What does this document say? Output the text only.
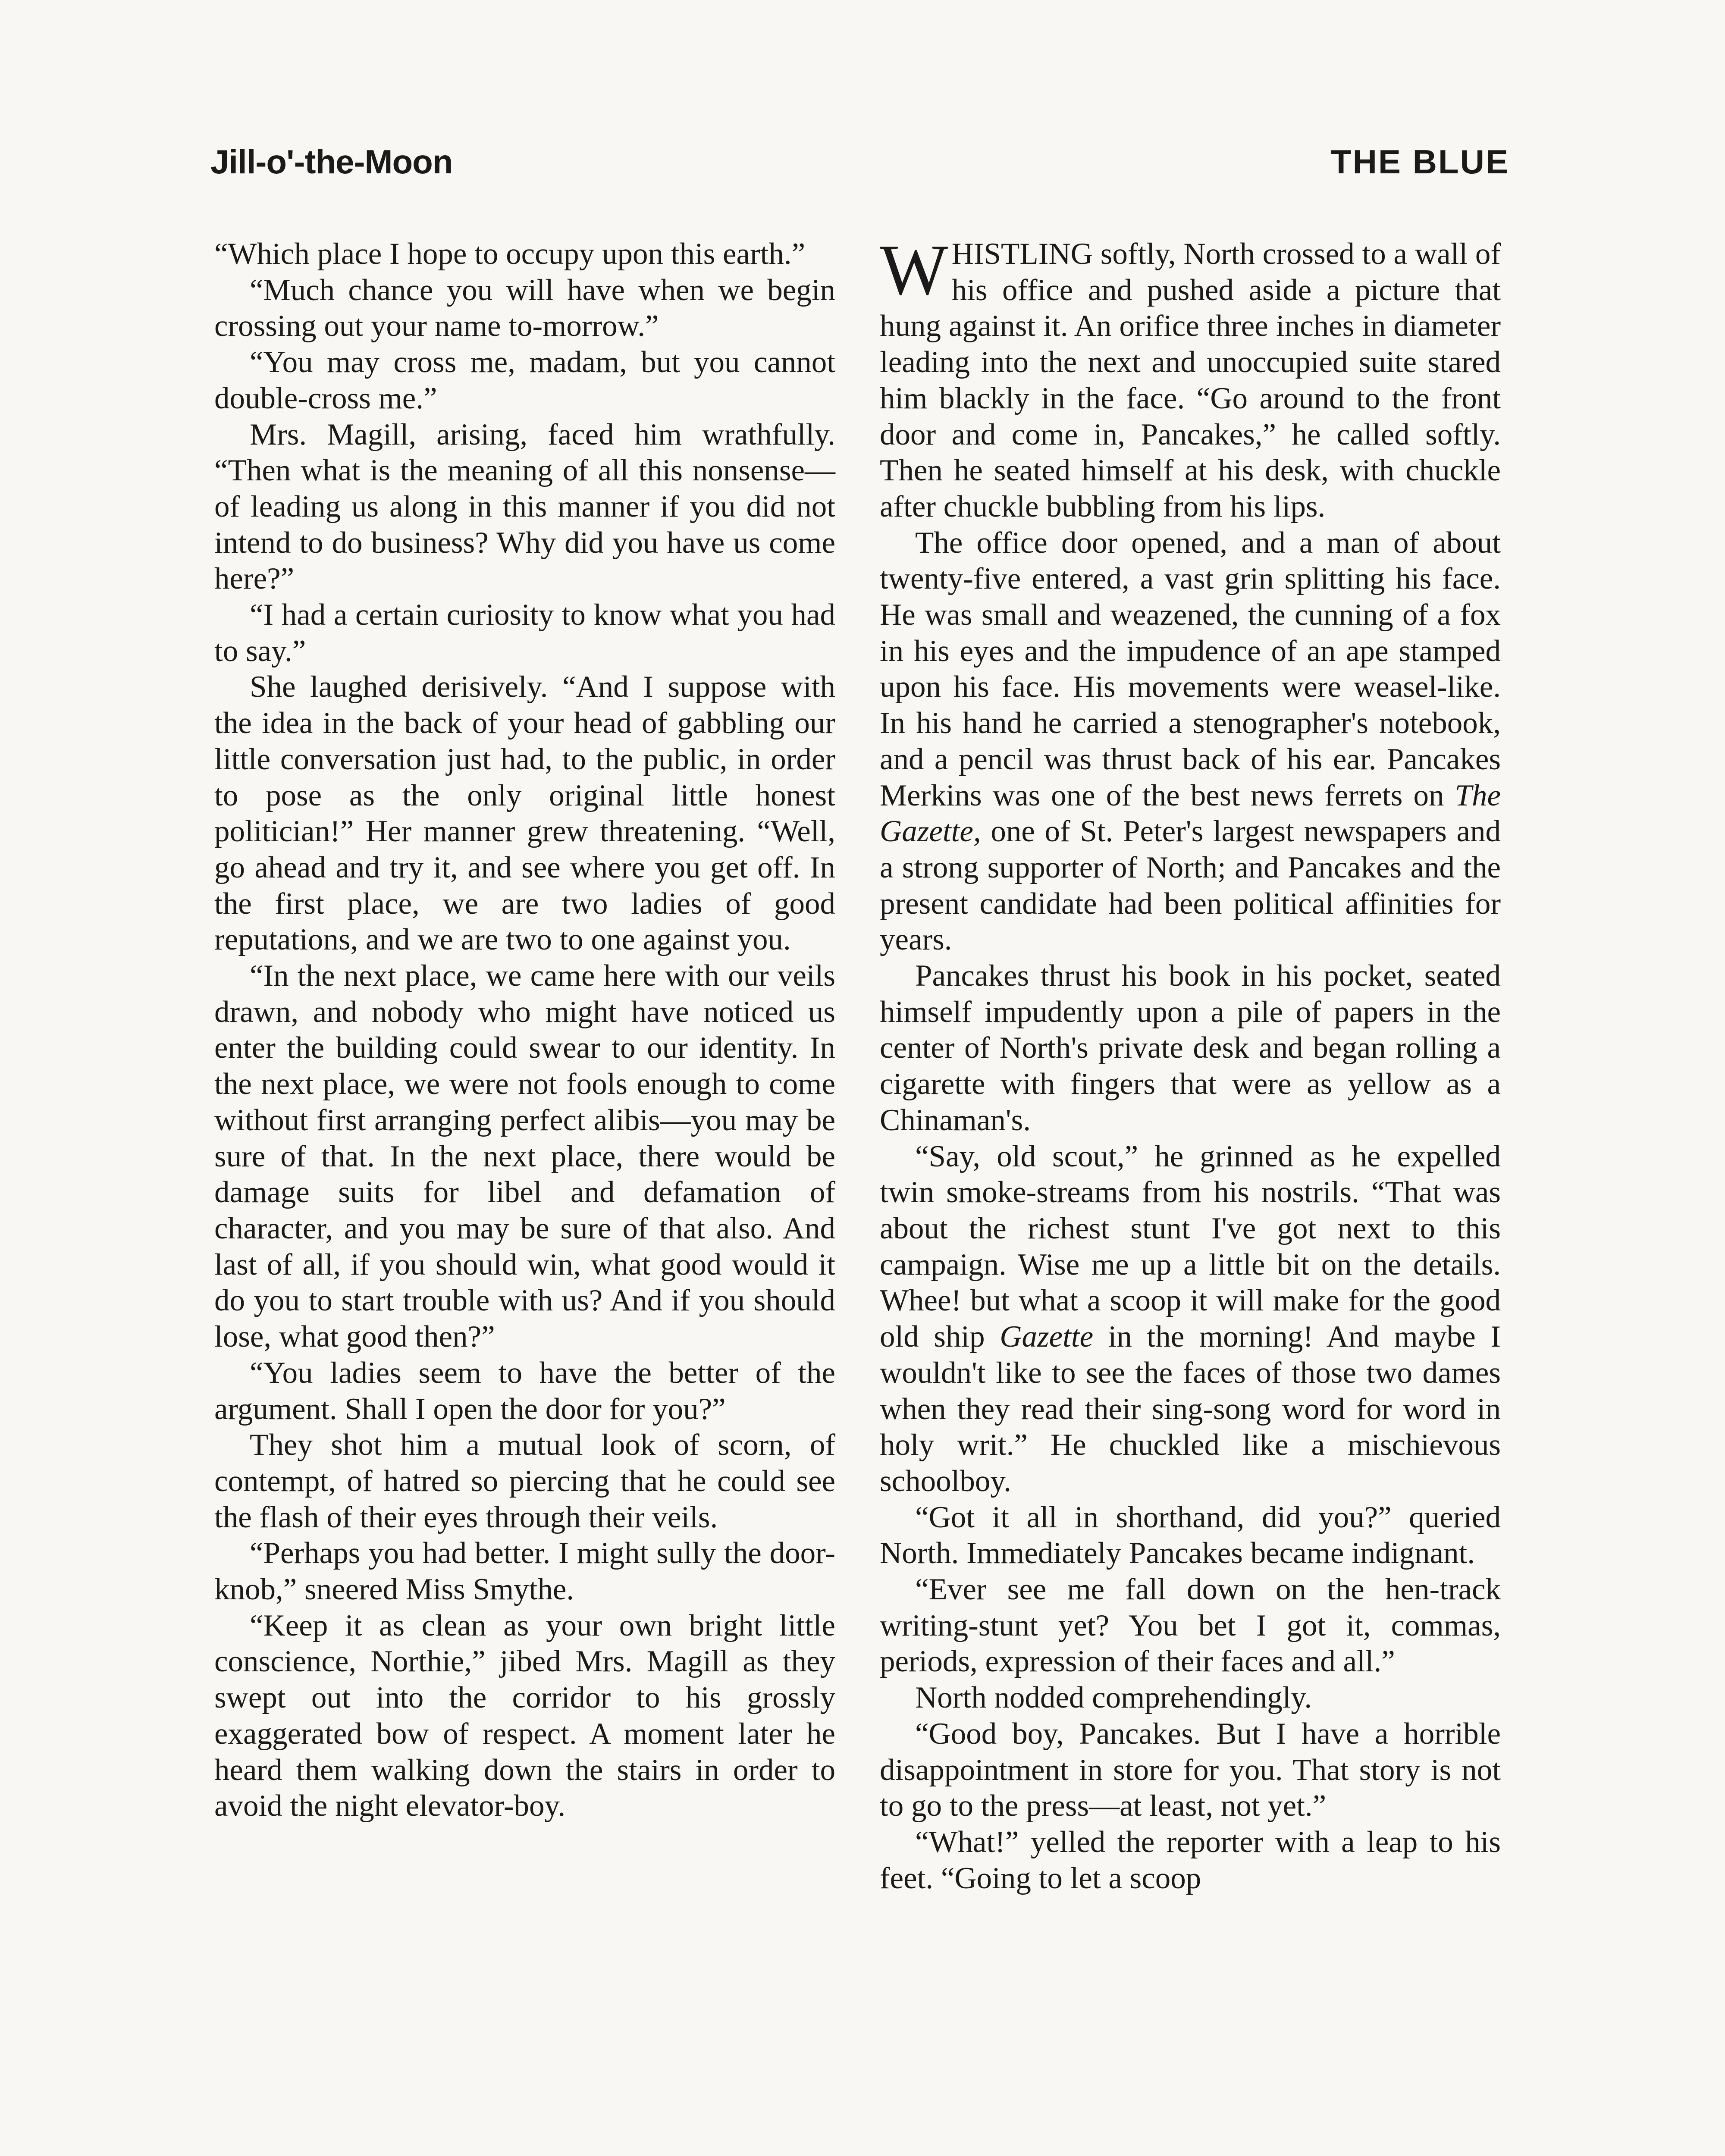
Jill-o'-the-Moon	THE BLUE

“Which place I hope to occupy upon this earth.”

“Much chance you will have when we begin crossing out your name to-morrow.”

“You may cross me, madam, but you cannot double-cross me.”

Mrs. Magill, arising, faced him wrathfully. “Then what is the meaning of all this nonsense—of leading us along in this manner if you did not intend to do business? Why did you have us come here?”

“I had a certain curiosity to know what you had to say.”

She laughed derisively. “And I suppose with the idea in the back of your head of gabbling our little conversation just had, to the public, in order to pose as the only original little honest politician!” Her manner grew threatening. “Well, go ahead and try it, and see where you get off. In the first place, we are two ladies of good reputations, and we are two to one against you.

“In the next place, we came here with our veils drawn, and nobody who might have noticed us enter the building could swear to our identity. In the next place, we were not fools enough to come without first arranging perfect alibis—you may be sure of that. In the next place, there would be damage suits for libel and defamation of character, and you may be sure of that also. And last of all, if you should win, what good would it do you to start trouble with us? And if you should lose, what good then?”

“You ladies seem to have the better of the argument. Shall I open the door for you?”

They shot him a mutual look of scorn, of contempt, of hatred so piercing that he could see the flash of their eyes through their veils.

“Perhaps you had better. I might sully the door-knob,” sneered Miss Smythe.

“Keep it as clean as your own bright little conscience, Northie,” jibed Mrs. Magill as they swept out into the corridor to his grossly exaggerated bow of respect. A moment later he heard them walking down the stairs in order to avoid the night elevator-boy.

WHISTLING softly, North crossed to a wall of his office and pushed aside a picture that hung against it. An orifice three inches in diameter leading into the next and unoccupied suite stared him blackly in the face. “Go around to the front door and come in, Pancakes,” he called softly. Then he seated himself at his desk, with chuckle after chuckle bubbling from his lips.

The office door opened, and a man of about twenty-five entered, a vast grin splitting his face. He was small and weazened, the cunning of a fox in his eyes and the impudence of an ape stamped upon his face. His movements were weasel-like. In his hand he carried a stenographer's notebook, and a pencil was thrust back of his ear. Pancakes Merkins was one of the best news ferrets on The Gazette, one of St. Peter's largest newspapers and a strong supporter of North; and Pancakes and the present candidate had been political affinities for years.

Pancakes thrust his book in his pocket, seated himself impudently upon a pile of papers in the center of North's private desk and began rolling a cigarette with fingers that were as yellow as a Chinaman's.

“Say, old scout,” he grinned as he expelled twin smoke-streams from his nostrils. “That was about the richest stunt I've got next to this campaign. Wise me up a little bit on the details. Whee! but what a scoop it will make for the good old ship Gazette in the morning! And maybe I wouldn't like to see the faces of those two dames when they read their sing-song word for word in holy writ.” He chuckled like a mischievous schoolboy.

“Got it all in shorthand, did you?” queried North. Immediately Pancakes became indignant.

“Ever see me fall down on the hen-track writing-stunt yet? You bet I got it, commas, periods, expression of their faces and all.”

North nodded comprehendingly.

“Good boy, Pancakes. But I have a horrible disappointment in store for you. That story is not to go to the press—at least, not yet.”

“What!” yelled the reporter with a leap to his feet. “Going to let a scoop
